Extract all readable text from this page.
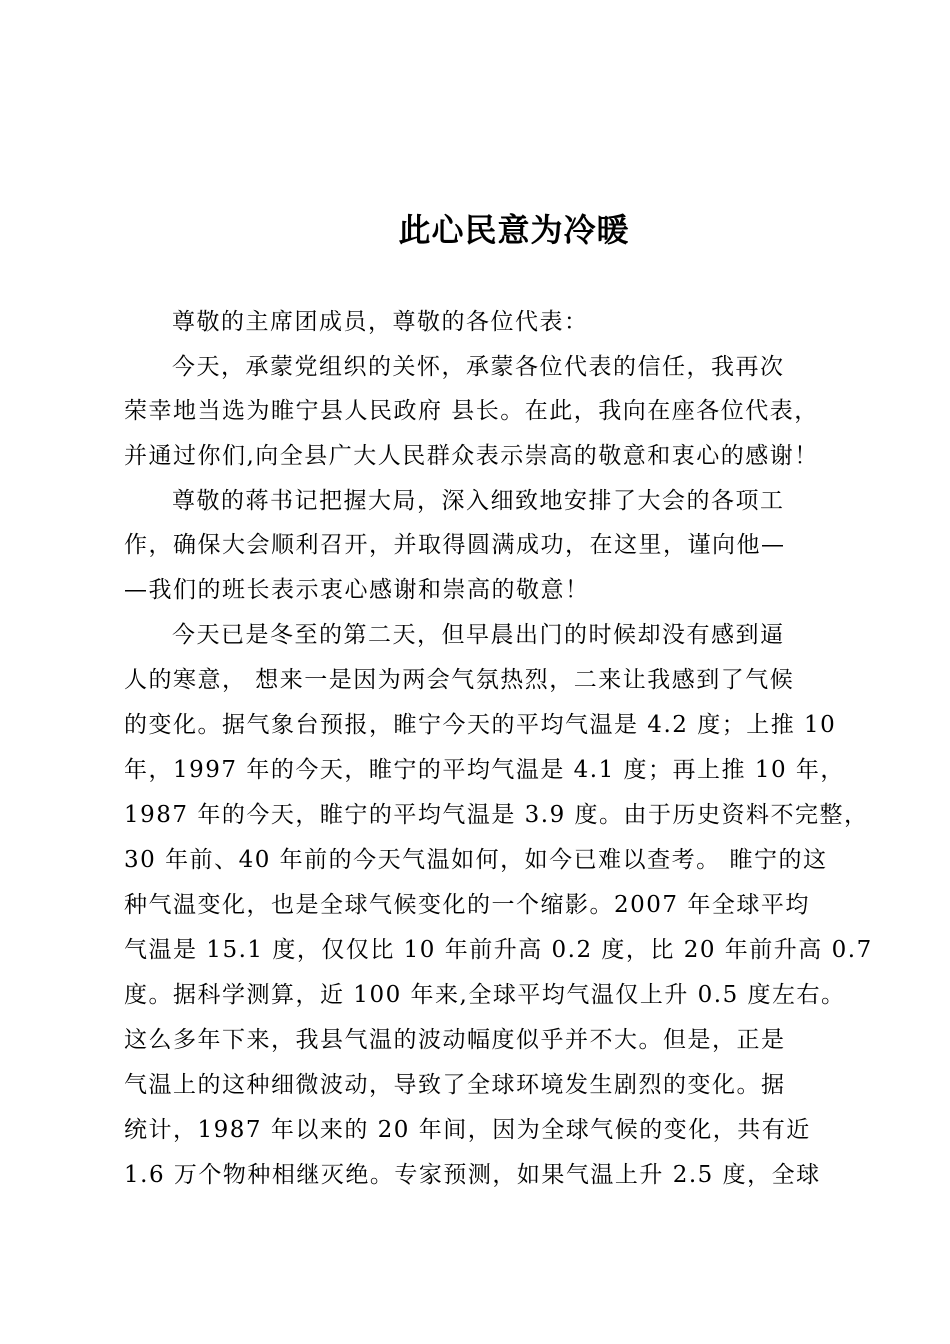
此心民意为冷暖
尊敬的主席团成员，尊敬的各位代表：
今天，承蒙党组织的关怀，承蒙各位代表的信任，我再次
荣幸地当选为睢宁县人民政府 县长。在此，我向在座各位代表，
并通过你们,向全县广大人民群众表示崇高的敬意和衷心的感谢！
尊敬的蒋书记把握大局，深入细致地安排了大会的各项工
作，确保大会顺利召开，并取得圆满成功，在这里，谨向他—
—我们的班长表示衷心感谢和崇高的敬意！
今天已是冬至的第二天，但早晨出门的时候却没有感到逼
人的寒意， 想来一是因为两会气氛热烈，二来让我感到了气候
的变化。据气象台预报，睢宁今天的平均气温是 4.2 度；上推 10
年，1997 年的今天，睢宁的平均气温是 4.1 度；再上推 10 年，
1987 年的今天，睢宁的平均气温是 3.9 度。由于历史资料不完整，
30 年前、40 年前的今天气温如何，如今已难以查考。 睢宁的这
种气温变化，也是全球气候变化的一个缩影。2007 年全球平均
气温是 15.1 度，仅仅比 10 年前升高 0.2 度，比 20 年前升高 0.7
度。据科学测算，近 100 年来,全球平均气温仅上升 0.5 度左右。
这么多年下来，我县气温的波动幅度似乎并不大。但是，正是
气温上的这种细微波动，导致了全球环境发生剧烈的变化。据
统计，1987 年以来的 20 年间，因为全球气候的变化，共有近
1.6 万个物种相继灭绝。专家预测，如果气温上升 2.5 度，全球
